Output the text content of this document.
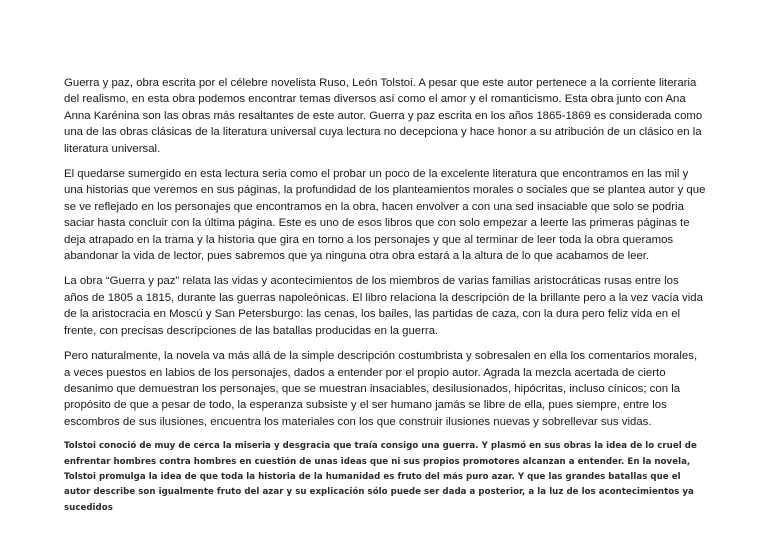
Guerra y paz, obra escrita por el célebre novelista Ruso, León Tolstoi. A pesar que este autor pertenece a la corriente literaria del realismo, en esta obra podemos encontrar temas diversos así como el amor y el romanticismo. Esta obra junto con Ana Anna Karénina son las obras más resaltantes de este autor. Guerra y paz escrita en los años 1865-1869 es considerada como una de las obras clásicas de la literatura universal cuya lectura no decepciona y hace honor a su atribución de un clásico en la literatura universal.

El quedarse sumergido en esta lectura seria como el probar un poco de la excelente literatura que encontramos en las mil y una historias que veremos en sus páginas, la profundidad de los planteamientos morales o sociales que se plantea autor y que se ve reflejado en los personajes que encontramos en la obra, hacen envolver a con una sed insaciable que solo se podria saciar hasta concluir con la última página. Este es uno de esos libros que con solo empezar a leerte las primeras páginas te deja atrapado en la trama y la historia que gira en torno a los personajes y que al terminar de leer toda la obra queramos abandonar la vida de lector, pues sabremos que ya ninguna otra obra estará a la altura de lo que acabamos de leer.

La obra “Guerra y paz” relata las vidas y acontecimientos de los miembros de varias familias aristocráticas rusas entre los años de 1805 a 1815, durante las guerras napoleónicas. El libro relaciona la descripción de la brillante pero a la vez vacía vida de la aristocracia en Moscú y San Petersburgo: las cenas, los bailes, las partidas de caza, con la dura pero feliz vida en el frente, con precisas descripciones de las batallas producidas en la guerra.

Pero naturalmente, la novela va más allá de la simple descripción costumbrista y sobresalen en ella los comentarios morales, a veces puestos en labios de los personajes, dados a entender por el propio autor. Agrada la mezcla acertada de cierto desanimo que demuestran los personajes, que se muestran insaciables, desilusionados, hipócritas, incluso cínicos; con la propósito de que a pesar de todo, la esperanza subsiste y el ser humano jamás se libre de ella, pues siempre, entre los escombros de sus ilusiones, encuentra los materiales con los que construir ilusiones nuevas y sobrellevar sus vidas.

Tolstoi conoció de muy de cerca la miseria y desgracia que traía consigo una guerra. Y plasmó en sus obras la idea de lo cruel de enfrentar hombres contra hombres en cuestión de unas ideas que ni sus propios promotores alcanzan a entender. En la novela, Tolstoi promulga la idea de que toda la historia de la humanidad es fruto del más puro azar. Y que las grandes batallas que el autor describe son igualmente fruto del azar y su explicación sólo puede ser dada a posterior, a la luz de los acontecimientos ya sucedidos
